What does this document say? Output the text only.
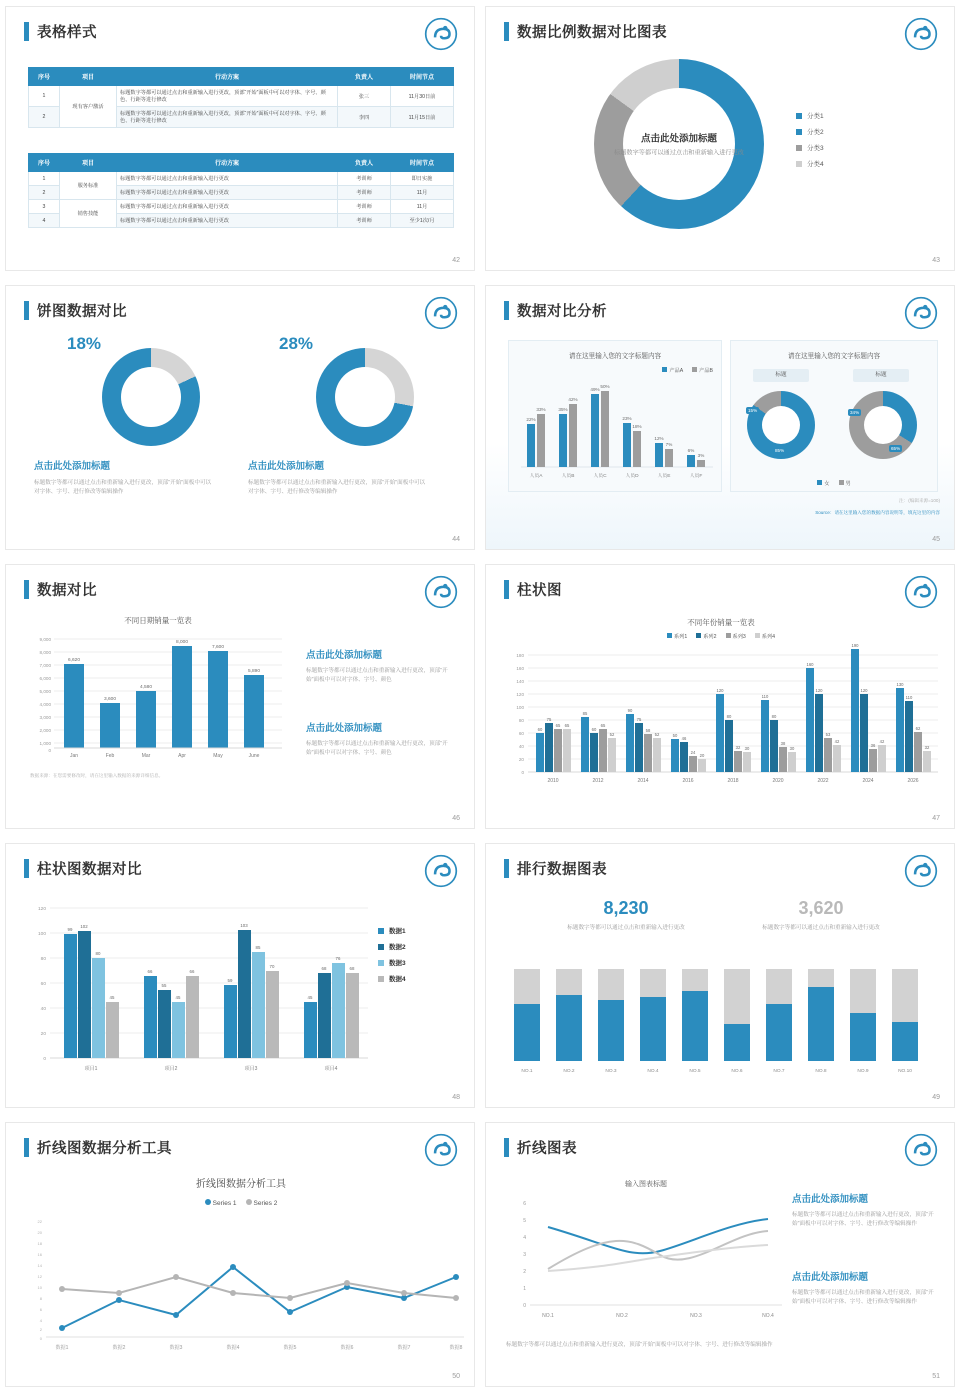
表格样式
序号	项目	行动方案	负责人	时间节点
1	现有客户激活	标题数字等都可以通过点击和重新输入进行更改，顶部“开始”面板中可以对字体、字号、颜色、行距等进行修改	张三	11月30日前
2		标题数字等都可以通过点击和重新输入进行更改，顶部“开始”面板中可以对字体、字号、颜色、行距等进行修改	李四	11月15日前
序号	项目	行动方案	负责人	时间节点
1	服务标准	标题数字等都可以通过点击和重新输入进行更改	考训师	即日实施
2		标题数字等都可以通过点击和重新输入进行更改	考训师	11月
3	销售技能	标题数字等都可以通过点击和重新输入进行更改	考训师	11月
4		标题数字等都可以通过点击和重新输入进行更改	考训师	至少1次/月
42
数据比例数据对比图表
点击此处添加标题
标题数字等都可以通过点击和重新输入进行更改
分类1
分类2
分类3
分类4
43
饼图数据对比
18%
点击此处添加标题
标题数字等都可以通过点击和重新输入进行更改，顶部“开始”面板中可以对字体、字号、进行修改等编辑操作
28%
点击此处添加标题
标题数字等都可以通过点击和重新输入进行更改，顶部“开始”面板中可以对字体、字号、进行修改等编辑操作
44
数据对比分析
请在这里输入您的文字标题内容
产品A	产品B
22%
35%
49%
23%
12%
6%
33%
42%
50%
18%
7%
3%
人员A	人员B	人员C	人员D	人员E	人员F
请在这里输入您的文字标题内容
标题	标题
15%
85%
34%
65%
女	男
注：(编辑来源=100)
Source：请在这里输入您的数据内容说明等，填充这里的内容
45
数据对比
不同日期销量一览表
9,000
8,000
7,000
6,000
5,000
4,000
3,000
2,000
1,000
0
6,620
3,600
4,580
8,000
7,600
5,890
Jan	Feb	Mar	Apr	May	June
点击此处添加标题
标题数字等都可以通过点击和重新输入进行更改，顶部“开始”面板中可以对字体、字号、颜色
点击此处添加标题
标题数字等都可以通过点击和重新输入进行更改，顶部“开始”面板中可以对字体、字号、颜色
数据来源：在您需要修改时，请在这里输入数据的来源详细信息。
46
柱状图
不同年份销量一览表
系列1	系列2	系列3	系列4
180
160
140
120
100
80
60
40
20
0
60
75
65 65
85
60
65
52
90
75
58
52	50
46
24
20
120
80
32 30
110
80
38
30
160
120
53
42
190
120
36
42
130
110
62
32
2010	2012	2014	2016	2018	2020	2022	2024	2026
47
柱状图数据对比
120
100
80
60
40
20
0
99
102
80
45
66
55
45
66
59
103
85
70
45
68
76
68
项目1	项目2	项目3	项目4
数据1
数据2
数据3
数据4
48
排行数据图表
8,230
标题数字等都可以通过点击和重新输入进行更改
3,620
标题数字等都可以通过点击和重新输入进行更改
NO.1	NO.2	NO.3	NO.4	NO.5	NO.6	NO.7	NO.8	NO.9	NO.10
49
折线图数据分析工具
折线图数据分析工具
Series 1	Series 2
22
20
18
16
14
12
10
8
6
4
2
0
数据1	数据2	数据3	数据4	数据5	数据6	数据7	数据8
50
折线图表
输入图表标题
6
5
4
3
2
1
0
NO.1	NO.2	NO.3	NO.4
点击此处添加标题
标题数字等都可以通过点击和重新输入进行更改，顶部“开始”面板中可以对字体、字号、进行修改等编辑操作
点击此处添加标题
标题数字等都可以通过点击和重新输入进行更改，顶部“开始”面板中可以对字体、字号、进行修改等编辑操作
标题数字等都可以通过点击和重新输入进行更改，顶部“开始”面板中可以对字体、字号、进行修改等编辑操作
51
